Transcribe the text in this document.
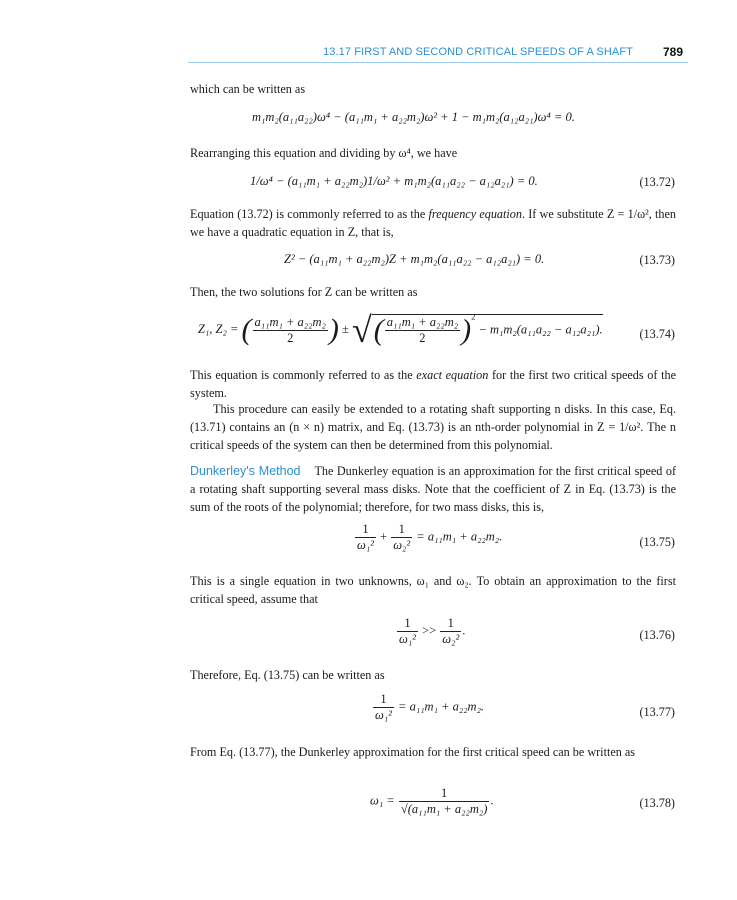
13.17 FIRST AND SECOND CRITICAL SPEEDS OF A SHAFT 789
which can be written as
m₁m₂(a₁₁a₂₂)ω⁴ − (a₁₁m₁ + a₂₂m₂)ω² + 1 − m₁m₂(a₁₂a₂₁)ω⁴ = 0.
Rearranging this equation and dividing by ω⁴, we have
1/ω⁴ − (a₁₁m₁ + a₂₂m₂)1/ω² + m₁m₂(a₁₁a₂₂ − a₁₂a₂₁) = 0.	(13.72)
Equation (13.72) is commonly referred to as the frequency equation. If we substitute Z = 1/ω², then we have a quadratic equation in Z, that is,
Z² − (a₁₁m₁ + a₂₂m₂)Z + m₁m₂(a₁₁a₂₂ − a₁₂a₂₁) = 0.	(13.73)
Then, the two solutions for Z can be written as
Z₁, Z₂ = ( $\frac{\text{a₁₁m₁ + a₂₂m₂}}{2}$ ) ± √( $\frac{\text{a₁₁m₁ + a₂₂m₂}}{2} )^2 - m_1m_2(a_{11}a_{22} - a_{12}a_{21})$.	(13.74)
This equation is commonly referred to as the exact equation for the first two critical speeds of the system.
This procedure can easily be extended to a rotating shaft supporting n disks. In this case, Eq. (13.71) contains an (n × n) matrix, and Eq. (13.73) is an nth-order polynomial in Z = 1/ω². The n critical speeds of the system can then be determined from this polynomial.
Dunkerley's Method The Dunkerley equation is an approximation for the first critical speed of a rotating shaft supporting several mass disks. Note that the coefficient of Z in Eq. (13.73) is the sum of the roots of the polynomial; therefore, for two mass disks, this is,
$\frac{1}{\text{ω₁²}} + \frac{1}{\text{ω₂²}} = a_{11}m_1 + a_{22}m_2$.	(13.75)
This is a single equation in two unknowns, ω₁ and ω₂. To obtain an approximation to the first critical speed, assume that
$\frac{1}{\text{ω₁²}} >> \frac{1}{\text{ω₂²}}$ .	(13.76)
Therefore, Eq. (13.75) can be written as
$\frac{1}{\text{ω₁²}} = a_{11}m_1 + a_{22}m_2$.	(13.77)
From Eq. (13.77), the Dunkerley approximation for the first critical speed can be written as
$\omega_1 = \frac{1}{\text{√(a₁₁m₁ + a₂₂m₂)}}$ .	(13.78)
